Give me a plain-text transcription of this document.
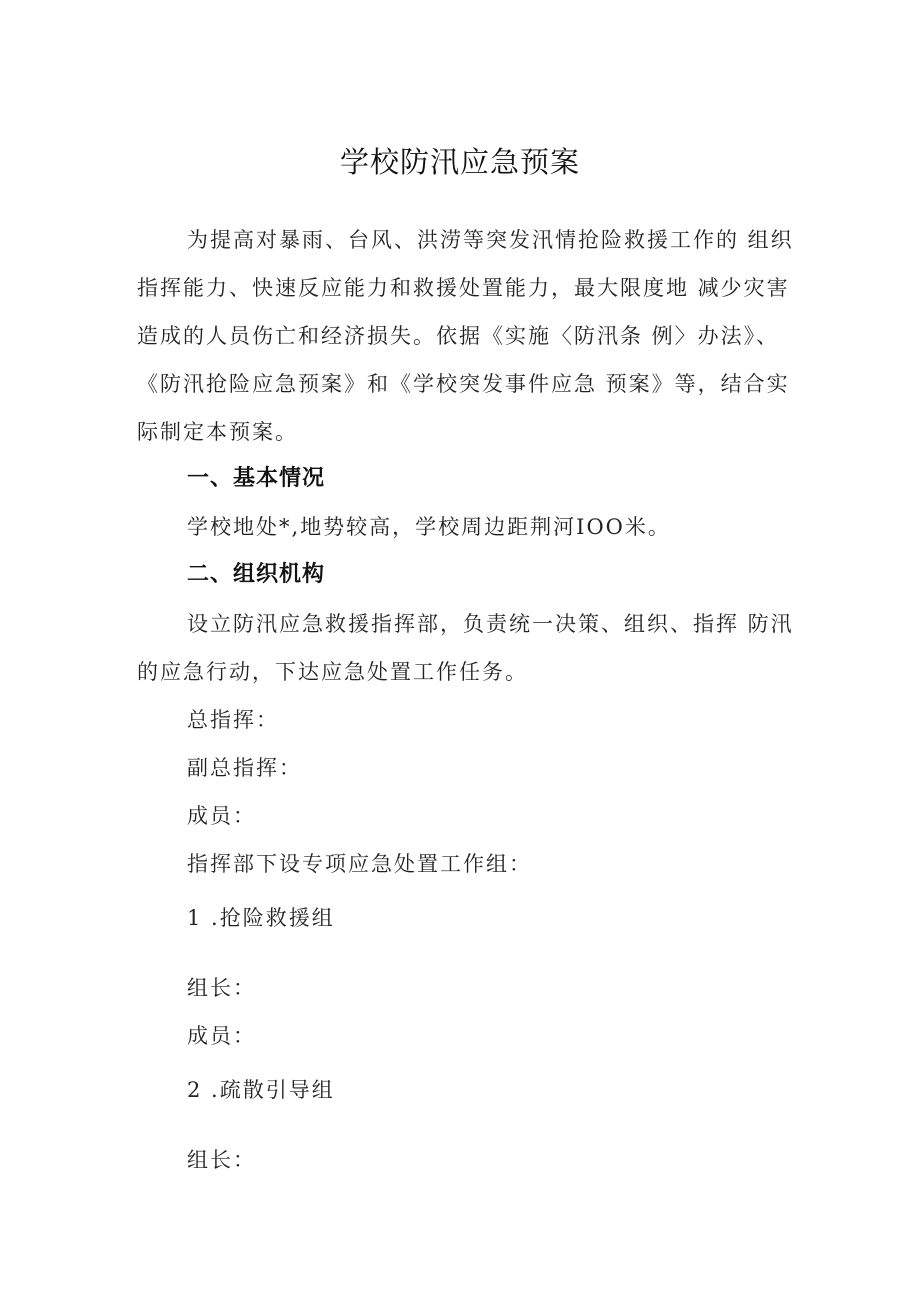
学校防汛应急预案

为提高对暴雨、台风、洪涝等突发汛情抢险救援工作的 组织指挥能力、快速反应能力和救援处置能力，最大限度地 减少灾害造成的人员伤亡和经济损失。依据《实施〈防汛条 例〉办法》、《防汛抢险应急预案》和《学校突发事件应急 预案》等，结合实际制定本预案。

一、基本情况
学校地处*,地势较高，学校周边距荆河IOO米。
二、组织机构

设立防汛应急救援指挥部，负责统一决策、组织、指挥 防汛的应急行动，下达应急处置工作任务。

总指挥：
副总指挥：
成员：
指挥部下设专项应急处置工作组：
1 .抢险救援组
组长：
成员：
2 .疏散引导组
组长：
